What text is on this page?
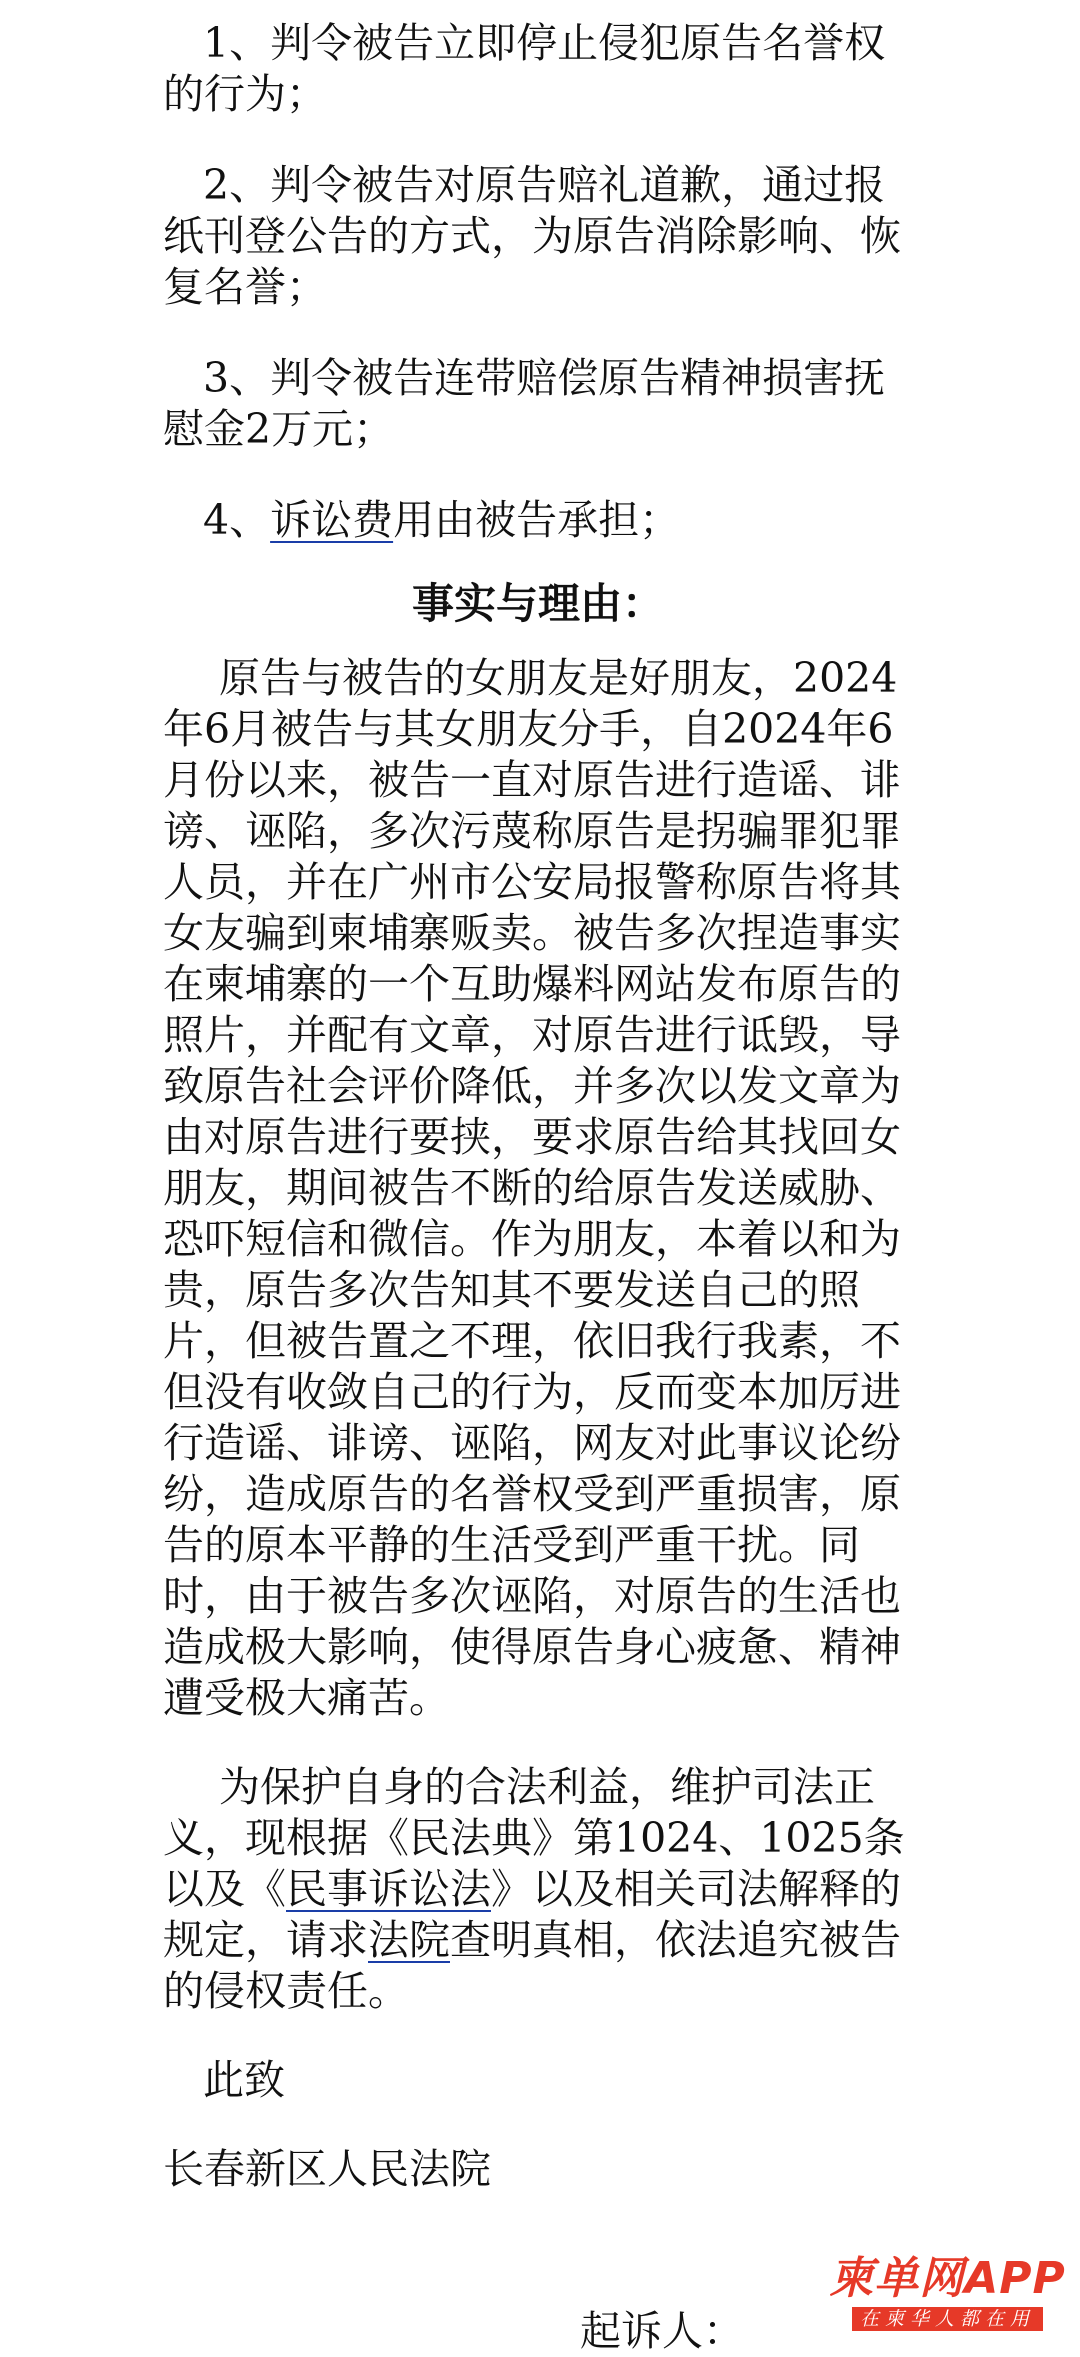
1、判令被告立即停止侵犯原告名誉权的行为；

2、判令被告对原告赔礼道歉，通过报纸刊登公告的方式，为原告消除影响、恢复名誉；

3、判令被告连带赔偿原告精神损害抚慰金2万元；

4、诉讼费用由被告承担；

事实与理由：

原告与被告的女朋友是好朋友，2024年6月被告与其女朋友分手，自2024年6月份以来，被告一直对原告进行造谣、诽谤、诬陷，多次污蔑称原告是拐骗罪犯罪人员，并在广州市公安局报警称原告将其女友骗到柬埔寨贩卖。被告多次捏造事实在柬埔寨的一个互助爆料网站发布原告的照片，并配有文章，对原告进行诋毁，导致原告社会评价降低，并多次以发文章为由对原告进行要挟，要求原告给其找回女朋友，期间被告不断的给原告发送威胁、恐吓短信和微信。作为朋友，本着以和为贵，原告多次告知其不要发送自己的照片，但被告置之不理，依旧我行我素，不但没有收敛自己的行为，反而变本加厉进行造谣、诽谤、诬陷，网友对此事议论纷纷，造成原告的名誉权受到严重损害，原告的原本平静的生活受到严重干扰。同时，由于被告多次诬陷，对原告的生活也造成极大影响，使得原告身心疲惫、精神遭受极大痛苦。

为保护自身的合法利益，维护司法正义，现根据《民法典》第1024、1025条以及《民事诉讼法》以及相关司法解释的规定，请求法院查明真相，依法追究被告的侵权责任。

此致

长春新区人民法院

起诉人：
柬单网APP
在柬华人都在用
